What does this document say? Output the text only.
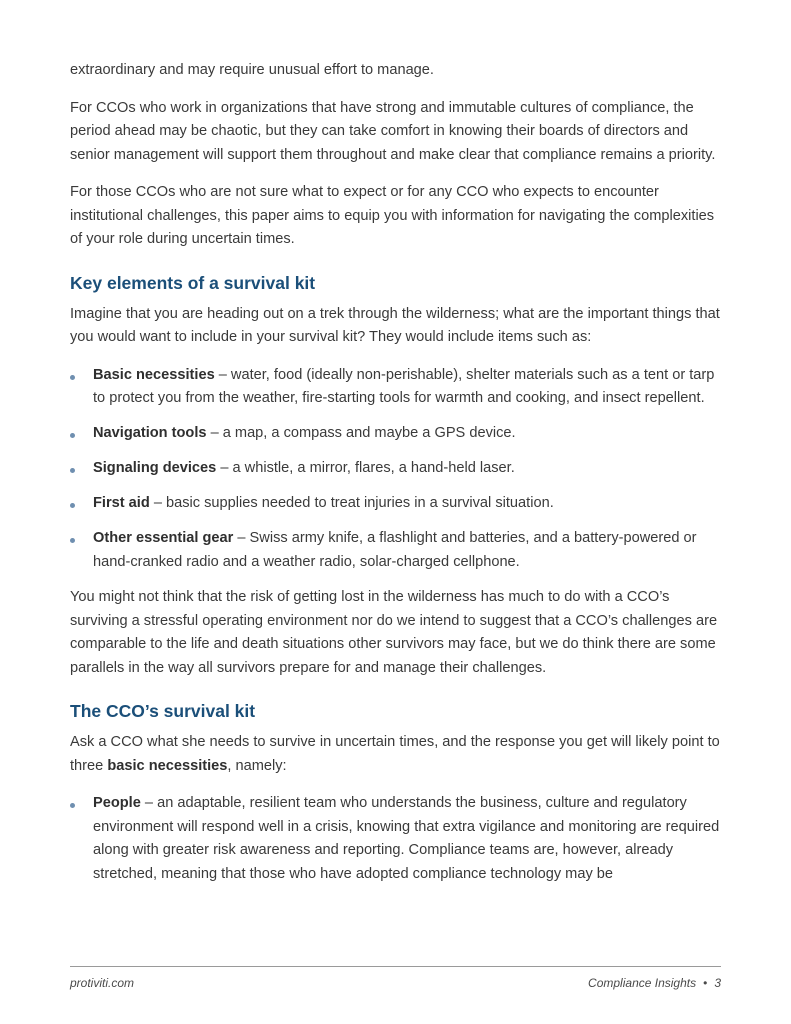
extraordinary and may require unusual effort to manage.

For CCOs who work in organizations that have strong and immutable cultures of compliance, the period ahead may be chaotic, but they can take comfort in knowing their boards of directors and senior management will support them throughout and make clear that compliance remains a priority.

For those CCOs who are not sure what to expect or for any CCO who expects to encounter institutional challenges, this paper aims to equip you with information for navigating the complexities of your role during uncertain times.

Key elements of a survival kit

Imagine that you are heading out on a trek through the wilderness; what are the important things that you would want to include in your survival kit? They would include items such as:

Basic necessities – water, food (ideally non-perishable), shelter materials such as a tent or tarp to protect you from the weather, fire-starting tools for warmth and cooking, and insect repellent.
Navigation tools – a map, a compass and maybe a GPS device.
Signaling devices – a whistle, a mirror, flares, a hand-held laser.
First aid – basic supplies needed to treat injuries in a survival situation.
Other essential gear – Swiss army knife, a flashlight and batteries, and a battery-powered or hand-cranked radio and a weather radio, solar-charged cellphone.

You might not think that the risk of getting lost in the wilderness has much to do with a CCO’s surviving a stressful operating environment nor do we intend to suggest that a CCO’s challenges are comparable to the life and death situations other survivors may face, but we do think there are some parallels in the way all survivors prepare for and manage their challenges.

The CCO’s survival kit

Ask a CCO what she needs to survive in uncertain times, and the response you get will likely point to three basic necessities, namely:

People – an adaptable, resilient team who understands the business, culture and regulatory environment will respond well in a crisis, knowing that extra vigilance and monitoring are required along with greater risk awareness and reporting. Compliance teams are, however, already stretched, meaning that those who have adopted compliance technology may be
protiviti.com	Compliance Insights • 3
